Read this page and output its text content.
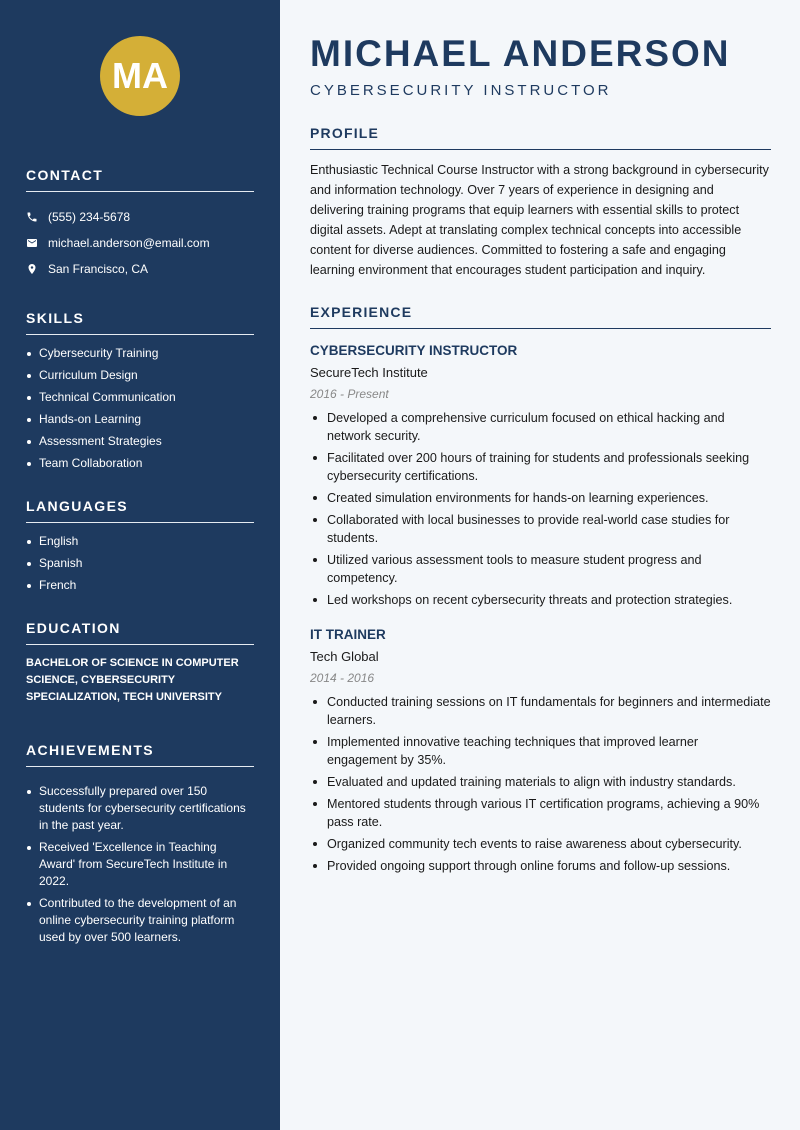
MA
CONTACT
(555) 234-5678
michael.anderson@email.com
San Francisco, CA
SKILLS
Cybersecurity Training
Curriculum Design
Technical Communication
Hands-on Learning
Assessment Strategies
Team Collaboration
LANGUAGES
English
Spanish
French
EDUCATION
BACHELOR OF SCIENCE IN COMPUTER SCIENCE, CYBERSECURITY SPECIALIZATION, TECH UNIVERSITY
ACHIEVEMENTS
Successfully prepared over 150 students for cybersecurity certifications in the past year.
Received 'Excellence in Teaching Award' from SecureTech Institute in 2022.
Contributed to the development of an online cybersecurity training platform used by over 500 learners.
MICHAEL ANDERSON
CYBERSECURITY INSTRUCTOR
PROFILE

Enthusiastic Technical Course Instructor with a strong background in cybersecurity and information technology. Over 7 years of experience in designing and delivering training programs that equip learners with essential skills to protect digital assets. Adept at translating complex technical concepts into accessible content for diverse audiences. Committed to fostering a safe and engaging learning environment that encourages student participation and inquiry.

EXPERIENCE
CYBERSECURITY INSTRUCTOR
SecureTech Institute
2016 - Present
Developed a comprehensive curriculum focused on ethical hacking and network security.
Facilitated over 200 hours of training for students and professionals seeking cybersecurity certifications.
Created simulation environments for hands-on learning experiences.
Collaborated with local businesses to provide real-world case studies for students.
Utilized various assessment tools to measure student progress and competency.
Led workshops on recent cybersecurity threats and protection strategies.
IT TRAINER
Tech Global
2014 - 2016
Conducted training sessions on IT fundamentals for beginners and intermediate learners.
Implemented innovative teaching techniques that improved learner engagement by 35%.
Evaluated and updated training materials to align with industry standards.
Mentored students through various IT certification programs, achieving a 90% pass rate.
Organized community tech events to raise awareness about cybersecurity.
Provided ongoing support through online forums and follow-up sessions.
